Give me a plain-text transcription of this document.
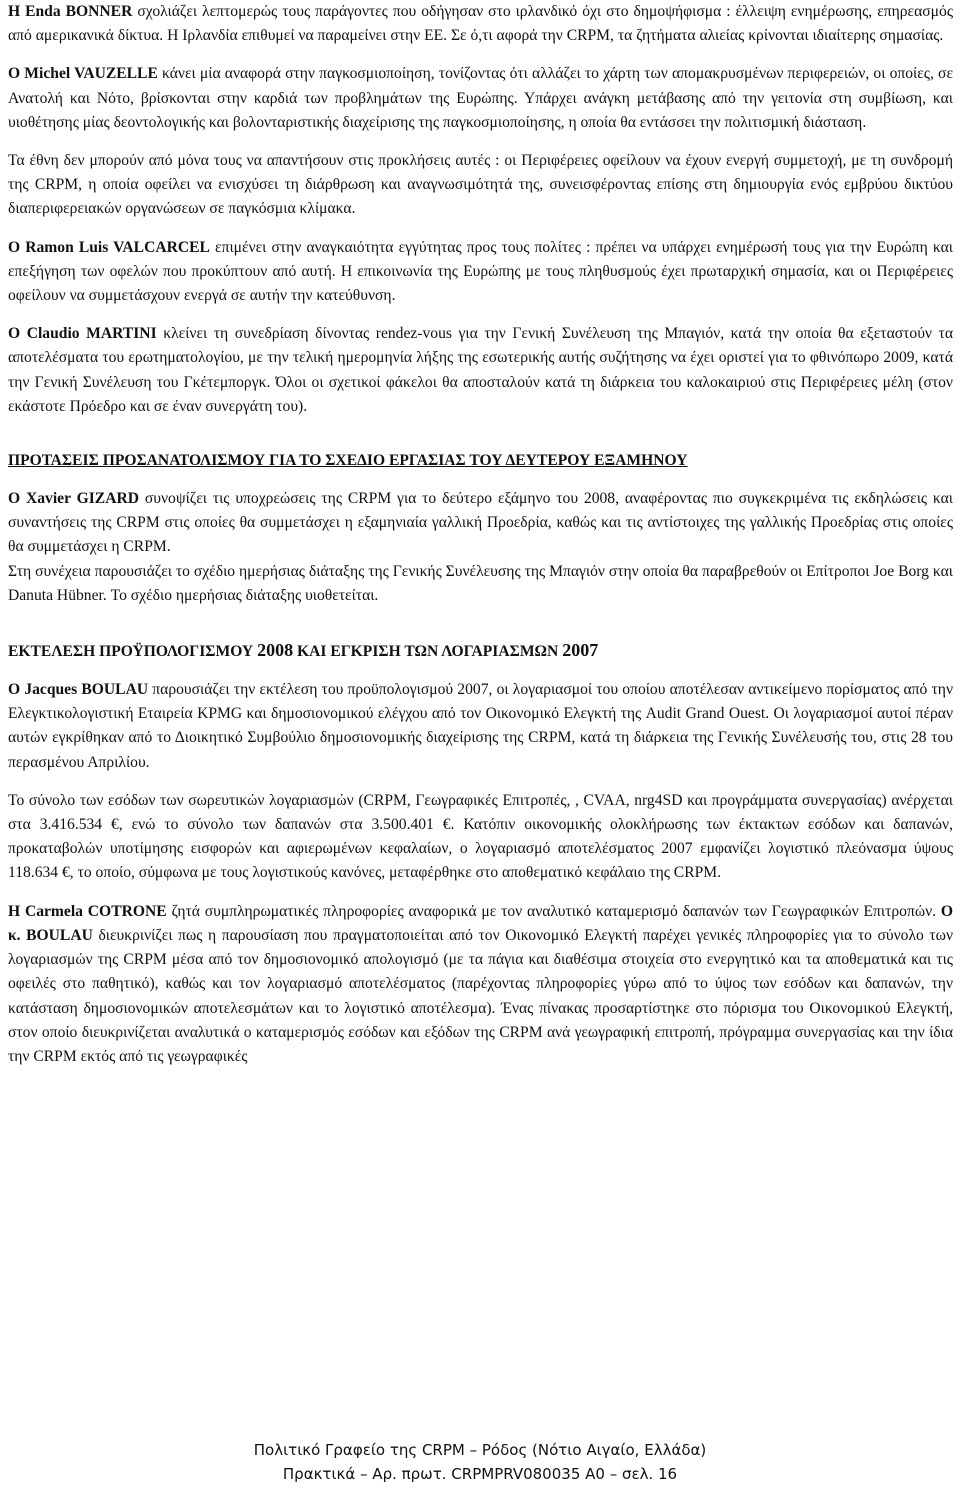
Η Enda BONNER σχολιάζει λεπτομερώς τους παράγοντες που οδήγησαν στο ιρλανδικό όχι στο δημοψήφισμα : έλλειψη ενημέρωσης, επηρεασμός από αμερικανικά δίκτυα. Η Ιρλανδία επιθυμεί να παραμείνει στην ΕΕ. Σε ό,τι αφορά την CRPM, τα ζητήματα αλιείας κρίνονται ιδιαίτερης σημασίας.

Ο Michel VAUZELLE κάνει μία αναφορά στην παγκοσμιοποίηση, τονίζοντας ότι αλλάζει το χάρτη των απομακρυσμένων περιφερειών, οι οποίες, σε Ανατολή και Νότο, βρίσκονται στην καρδιά των προβλημάτων της Ευρώπης. Υπάρχει ανάγκη μετάβασης από την γειτονία στη συμβίωση, και υιοθέτησης μίας δεοντολογικής και βολονταριστικής διαχείρισης της παγκοσμιοποίησης, η οποία θα εντάσσει την πολιτισμική διάσταση.

Τα έθνη δεν μπορούν από μόνα τους να απαντήσουν στις προκλήσεις αυτές : οι Περιφέρειες οφείλουν να έχουν ενεργή συμμετοχή, με τη συνδρομή της CRPM, η οποία οφείλει να ενισχύσει τη διάρθρωση και αναγνωσιμότητά της, συνεισφέροντας επίσης στη δημιουργία ενός εμβρύου δικτύου διαπεριφερειακών οργανώσεων σε παγκόσμια κλίμακα.

Ο Ramon Luis VALCARCEL επιμένει στην αναγκαιότητα εγγύτητας προς τους πολίτες : πρέπει να υπάρχει ενημέρωσή τους για την Ευρώπη και επεξήγηση των οφελών που προκύπτουν από αυτή. Η επικοινωνία της Ευρώπης με τους πληθυσμούς έχει πρωταρχική σημασία, και οι Περιφέρειες οφείλουν να συμμετάσχουν ενεργά σε αυτήν την κατεύθυνση.

Ο Claudio MARTINI κλείνει τη συνεδρίαση δίνοντας rendez-vous για την Γενική Συνέλευση της Μπαγιόν, κατά την οποία θα εξεταστούν τα αποτελέσματα του ερωτηματολογίου, με την τελική ημερομηνία λήξης της εσωτερικής αυτής συζήτησης να έχει οριστεί για το φθινόπωρο 2009, κατά την Γενική Συνέλευση του Γκέτεμποργκ. Όλοι οι σχετικοί φάκελοι θα αποσταλούν κατά τη διάρκεια του καλοκαιριού στις Περιφέρειες μέλη (στον εκάστοτε Πρόεδρο και σε έναν συνεργάτη του).

ΠΡΟΤΑΣΕΙΣ ΠΡΟΣΑΝΑΤΟΛΙΣΜΟΥ ΓΙΑ ΤΟ ΣΧΕΔΙΟ ΕΡΓΑΣΙΑΣ ΤΟΥ ΔΕΥΤΕΡΟΥ ΕΞΑΜΗΝΟΥ

Ο Xavier GIZARD συνοψίζει τις υποχρεώσεις της CRPM για το δεύτερο εξάμηνο του 2008, αναφέροντας πιο συγκεκριμένα τις εκδηλώσεις και συναντήσεις της CRPM στις οποίες θα συμμετάσχει η εξαμηνιαία γαλλική Προεδρία, καθώς και τις αντίστοιχες της γαλλικής Προεδρίας στις οποίες θα συμμετάσχει η CRPM.

Στη συνέχεια παρουσιάζει το σχέδιο ημερήσιας διάταξης της Γενικής Συνέλευσης της Μπαγιόν στην οποία θα παραβρεθούν οι Επίτροποι Joe Borg και Danuta Hübner. Το σχέδιο ημερήσιας διάταξης υιοθετείται.

ΕΚΤΕΛΕΣΗ ΠΡΟΫΠΟΛΟΓΙΣΜΟΥ 2008 ΚΑΙ ΕΓΚΡΙΣΗ ΤΩΝ ΛΟΓΑΡΙΑΣΜΩΝ 2007

Ο Jacques BOULAU παρουσιάζει την εκτέλεση του προϋπολογισμού 2007, οι λογαριασμοί του οποίου αποτέλεσαν αντικείμενο πορίσματος από την Ελεγκτικολογιστική Εταιρεία KPMG και δημοσιονομικού ελέγχου από τον Οικονομικό Ελεγκτή της Audit Grand Ouest. Οι λογαριασμοί αυτοί πέραν αυτών εγκρίθηκαν από το Διοικητικό Συμβούλιο δημοσιονομικής διαχείρισης της CRPM, κατά τη διάρκεια της Γενικής Συνέλευσής του, στις 28 του περασμένου Απριλίου.

Το σύνολο των εσόδων των σωρευτικών λογαριασμών (CRPM, Γεωγραφικές Επιτροπές, , CVAA, nrg4SD και προγράμματα συνεργασίας) ανέρχεται στα 3.416.534 €, ενώ το σύνολο των δαπανών στα 3.500.401 €. Κατόπιν οικονομικής ολοκλήρωσης των έκτακτων εσόδων και δαπανών, προκαταβολών υποτίμησης εισφορών και αφιερωμένων κεφαλαίων, ο λογαριασμό αποτελέσματος 2007 εμφανίζει λογιστικό πλεόνασμα ύψους 118.634 €, το οποίο, σύμφωνα με τους λογιστικούς κανόνες, μεταφέρθηκε στο αποθεματικό κεφάλαιο της CRPM.

Η Carmela COTRONE ζητά συμπληρωματικές πληροφορίες αναφορικά με τον αναλυτικό καταμερισμό δαπανών των Γεωγραφικών Επιτροπών. Ο κ. BOULAU διευκρινίζει πως η παρουσίαση που πραγματοποιείται από τον Οικονομικό Ελεγκτή παρέχει γενικές πληροφορίες για το σύνολο των λογαριασμών της CRPM μέσα από τον δημοσιονομικό απολογισμό (με τα πάγια και διαθέσιμα στοιχεία στο ενεργητικό και τα αποθεματικά και τις οφειλές στο παθητικό), καθώς και τον λογαριασμό αποτελέσματος (παρέχοντας πληροφορίες γύρω από το ύψος των εσόδων και δαπανών, την κατάσταση δημοσιονομικών αποτελεσμάτων και το λογιστικό αποτέλεσμα). Ένας πίνακας προσαρτίστηκε στο πόρισμα του Οικονομικού Ελεγκτή, στον οποίο διευκρινίζεται αναλυτικά ο καταμερισμός εσόδων και εξόδων της CRPM ανά γεωγραφική επιτροπή, πρόγραμμα συνεργασίας και την ίδια την CRPM εκτός από τις γεωγραφικές

Πολιτικό Γραφείο της CRPM – Ρόδος (Νότιο Αιγαίο, Ελλάδα)
Πρακτικά – Αρ. πρωτ. CRPMPRV080035 A0 – σελ. 16
